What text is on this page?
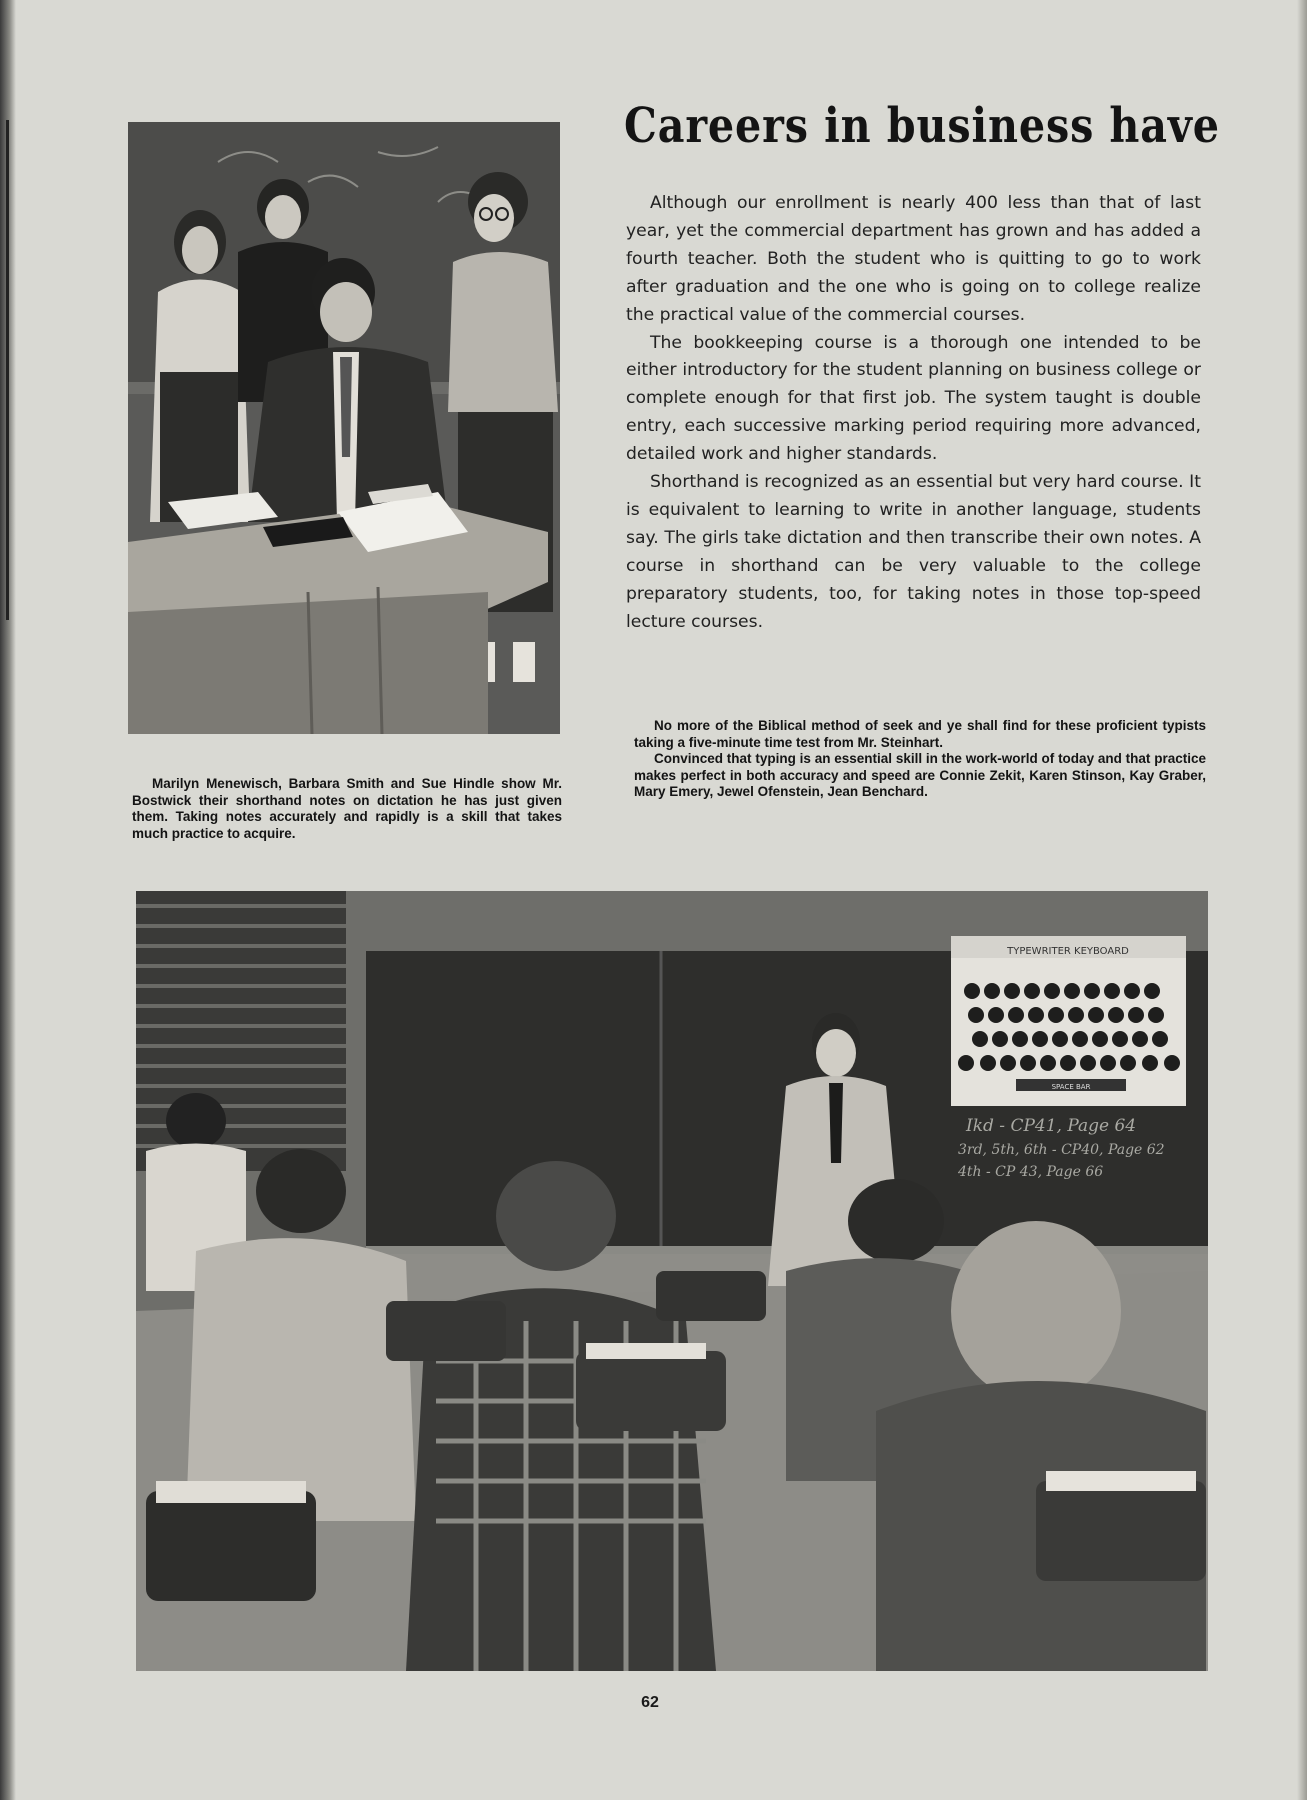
Careers in business have

Although our enrollment is nearly 400 less than that of last year, yet the commercial department has grown and has added a fourth teacher. Both the student who is quitting to go to work after graduation and the one who is going on to college realize the practical value of the commercial courses.

The bookkeeping course is a thorough one intended to be either introductory for the student planning on business college or complete enough for that first job. The system taught is double entry, each successive marking period requiring more advanced, detailed work and higher standards.

Shorthand is recognized as an essential but very hard course. It is equivalent to learning to write in another language, students say. The girls take dictation and then transcribe their own notes. A course in shorthand can be very valuable to the college preparatory students, too, for taking notes in those top-speed lecture courses.

No more of the Biblical method of seek and ye shall find for these proficient typists taking a five-minute time test from Mr. Steinhart.

Convinced that typing is an essential skill in the work-world of today and that practice makes perfect in both accuracy and speed are Connie Zekit, Karen Stinson, Kay Graber, Mary Emery, Jewel Ofenstein, Jean Benchard.

Marilyn Menewisch, Barbara Smith and Sue Hindle show Mr. Bostwick their shorthand notes on dictation he has just given them. Taking notes accurately and rapidly is a skill that takes much practice to acquire.

TYPEWRITER KEYBOARD
SPACE BAR
Ikd - CP41, Page 64
3rd, 5th, 6th - CP40, Page 62
4th - CP 43, Page 66
62
